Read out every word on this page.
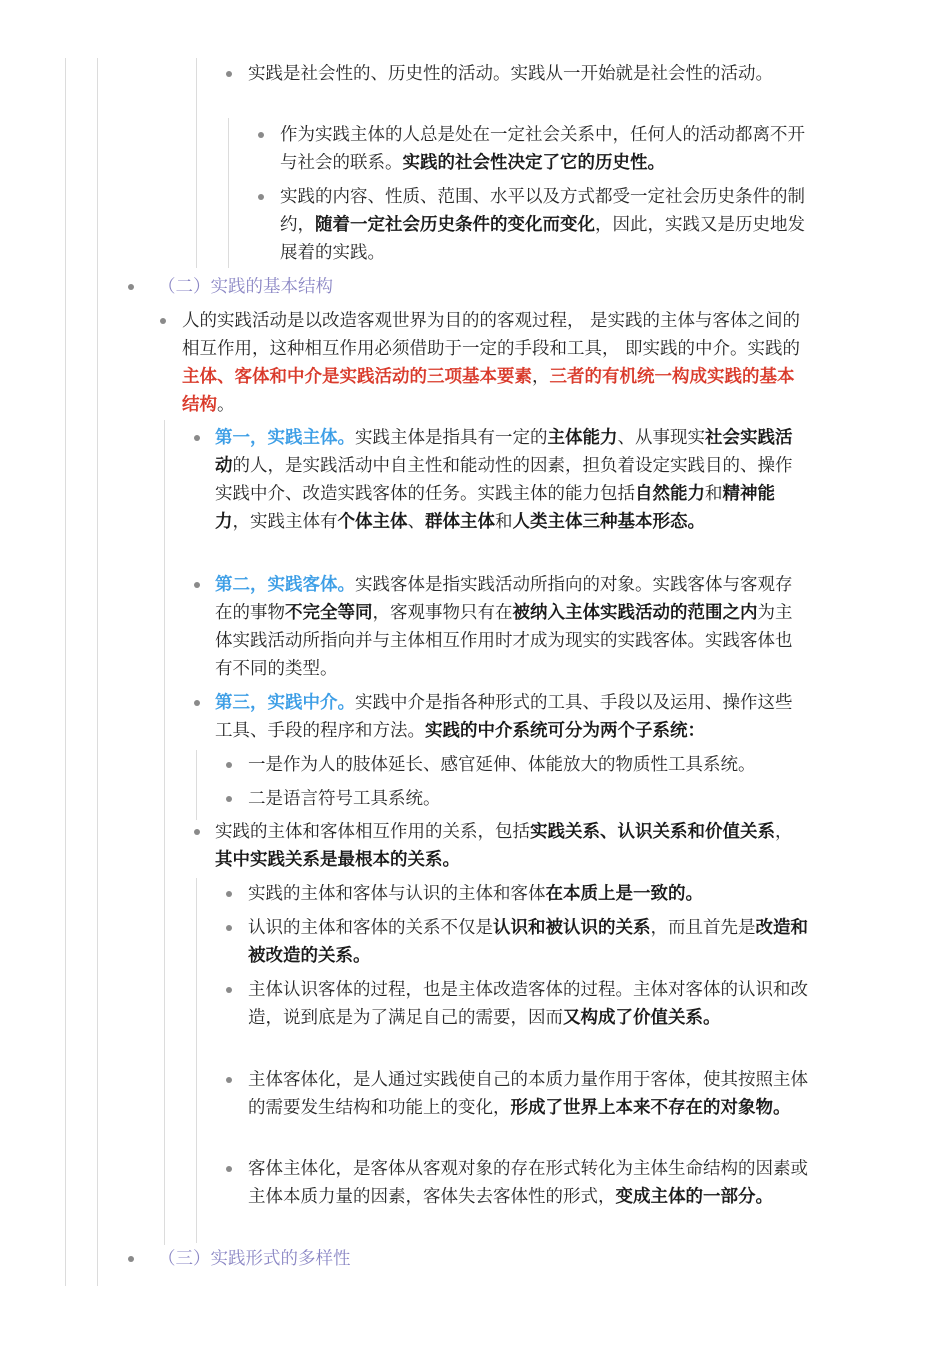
实践是社会性的、历史性的活动。实践从一开始就是社会性的活动。
作为实践主体的人总是处在一定社会关系中，任何人的活动都离不开与社会的联系。实践的社会性决定了它的历史性。
实践的内容、性质、范围、水平以及方式都受一定社会历史条件的制约，随着一定社会历史条件的变化而变化，因此，实践又是历史地发展着的实践。
（二）实践的基本结构
人的实践活动是以改造客观世界为目的的客观过程， 是实践的主体与客体之间的相互作用，这种相互作用必须借助于一定的手段和工具， 即实践的中介。实践的主体、客体和中介是实践活动的三项基本要素，三者的有机统一构成实践的基本结构。
第一，实践主体。实践主体是指具有一定的主体能力、从事现实社会实践活动的人，是实践活动中自主性和能动性的因素，担负着设定实践目的、操作实践中介、改造实践客体的任务。实践主体的能力包括自然能力和精神能力，实践主体有个体主体、群体主体和人类主体三种基本形态。
第二，实践客体。实践客体是指实践活动所指向的对象。实践客体与客观存在的事物不完全等同，客观事物只有在被纳入主体实践活动的范围之内为主体实践活动所指向并与主体相互作用时才成为现实的实践客体。实践客体也有不同的类型。
第三，实践中介。实践中介是指各种形式的工具、手段以及运用、操作这些工具、手段的程序和方法。实践的中介系统可分为两个子系统：
一是作为人的肢体延长、感官延伸、体能放大的物质性工具系统。
二是语言符号工具系统。
实践的主体和客体相互作用的关系，包括实践关系、认识关系和价值关系，其中实践关系是最根本的关系。
实践的主体和客体与认识的主体和客体在本质上是一致的。
认识的主体和客体的关系不仅是认识和被认识的关系，而且首先是改造和被改造的关系。
主体认识客体的过程，也是主体改造客体的过程。主体对客体的认识和改造，说到底是为了满足自己的需要，因而又构成了价值关系。
主体客体化，是人通过实践使自己的本质力量作用于客体，使其按照主体的需要发生结构和功能上的变化，形成了世界上本来不存在的对象物。
客体主体化，是客体从客观对象的存在形式转化为主体生命结构的因素或主体本质力量的因素，客体失去客体性的形式，变成主体的一部分。
（三）实践形式的多样性
